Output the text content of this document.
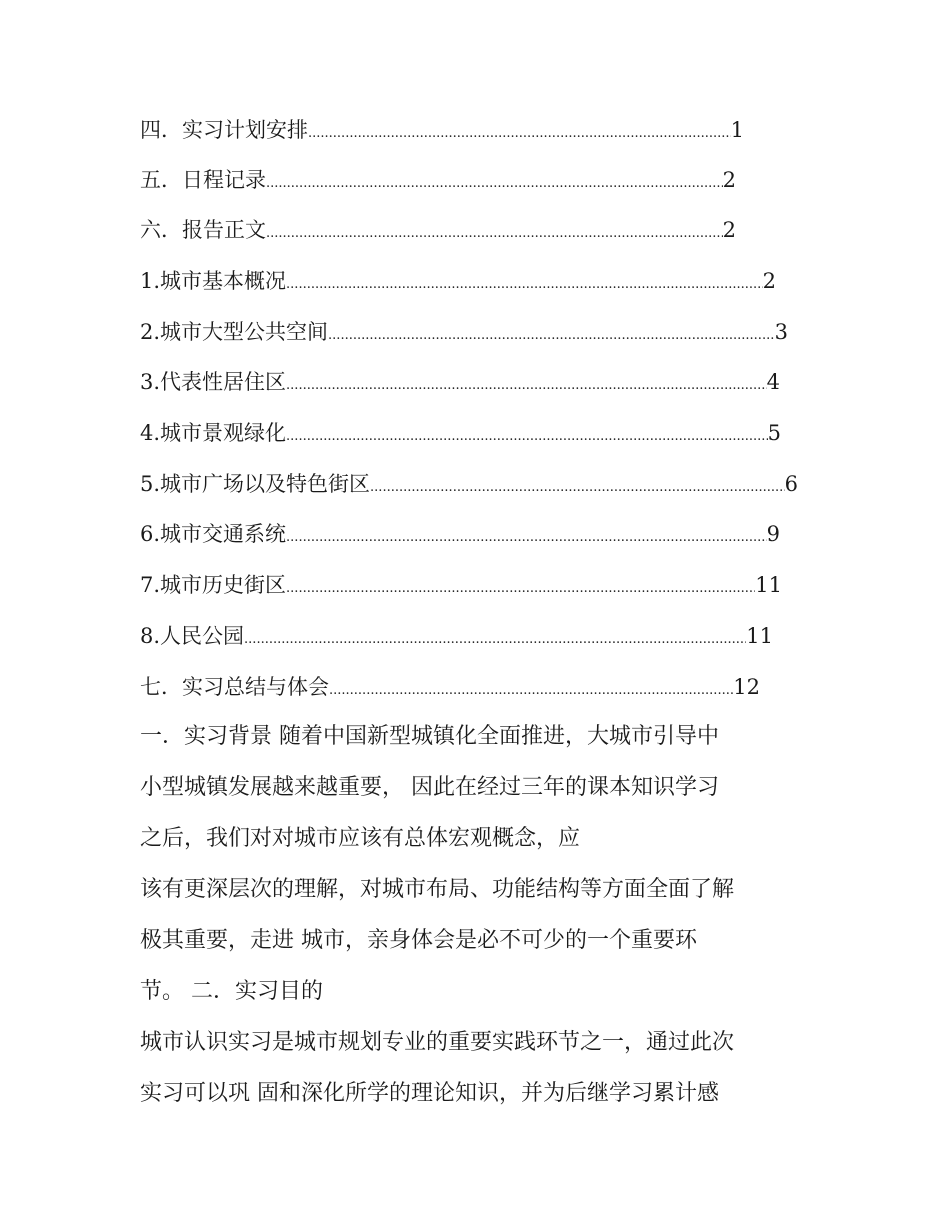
四．实习计划安排 .....	1
五．日程记录 .....	2
六．报告正文 .....	2
1.城市基本概况 .....	2
2.城市大型公共空间 .....	3
3.代表性居住区 .....	4
4.城市景观绿化 .....	5
5.城市广场以及特色街区 .....	6
6.城市交通系统 .....	9
7.城市历史街区 .....	11
8.人民公园 .....	11
七．实习总结与体会 .....	12
一．实习背景 随着中国新型城镇化全面推进，大城市引导中
小型城镇发展越来越重要， 因此在经过三年的课本知识学习
之后，我们对对城市应该有总体宏观概念，应
该有更深层次的理解，对城市布局、功能结构等方面全面了解
极其重要，走进 城市，亲身体会是必不可少的一个重要环
节。 二．实习目的
城市认识实习是城市规划专业的重要实践环节之一，通过此次
实习可以巩 固和深化所学的理论知识，并为后继学习累计感
